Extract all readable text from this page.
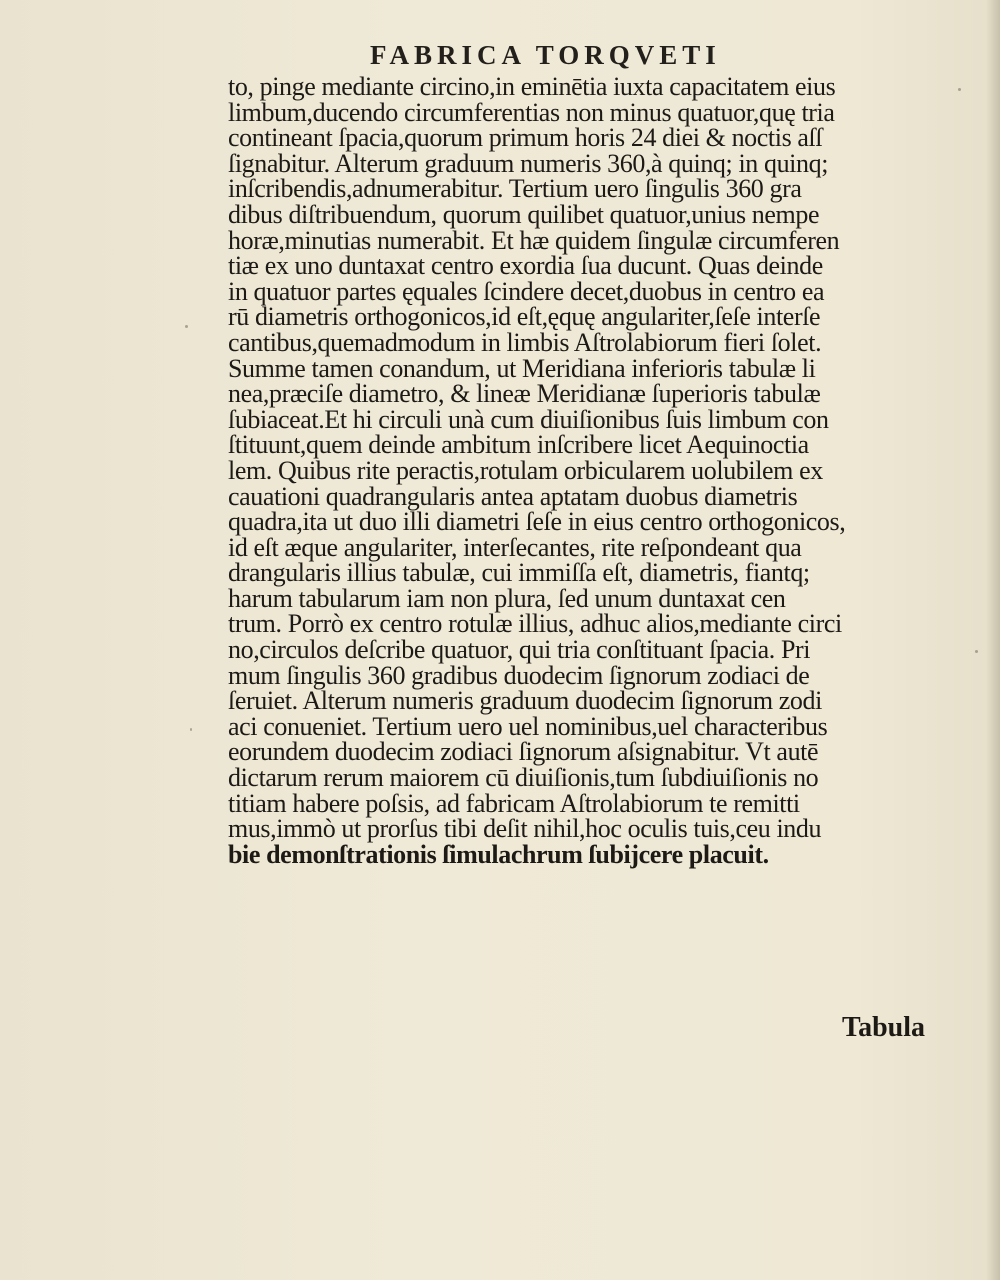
FABRICA TORQVETI
to, pinge mediante circino,in eminētia iuxta capacitatem eius
limbum,ducendo circumferentias non minus quatuor,quę tria
contineant ſpacia,quorum primum horis 24 diei & noctis aſſ
ſignabitur. Alterum graduum numeris 360,à quinq; in quinq;
inſcribendis,adnumerabitur. Tertium uero ſingulis 360 gra
dibus diſtribuendum, quorum quilibet quatuor,unius nempe
horæ,minutias numerabit. Et hæ quidem ſingulæ circumferen
tiæ ex uno duntaxat centro exordia ſua ducunt. Quas deinde
in quatuor partes ęquales ſcindere decet,duobus in centro ea
rū diametris orthogonicos,id eſt,ęquę angulariter,ſeſe interſe
cantibus,quemadmodum in limbis Aſtrolabiorum fieri ſolet.
Summe tamen conandum, ut Meridiana inferioris tabulæ li
nea,præciſe diametro, & lineæ Meridianæ ſuperioris tabulæ
ſubiaceat.Et hi circuli unà cum diuiſionibus ſuis limbum con
ſtituunt,quem deinde ambitum inſcribere licet Aequinoctia
lem. Quibus rite peractis,rotulam orbicularem uolubilem ex
cauationi quadrangularis antea aptatam duobus diametris
quadra,ita ut duo illi diametri ſeſe in eius centro orthogonicos,
id eſt æque angulariter, interſecantes, rite reſpondeant qua
drangularis illius tabulæ, cui immiſſa eſt, diametris, fiantq;
harum tabularum iam non plura, ſed unum duntaxat cen
trum. Porrò ex centro rotulæ illius, adhuc alios,mediante circi
no,circulos deſcribe quatuor, qui tria conſtituant ſpacia. Pri
mum ſingulis 360 gradibus duodecim ſignorum zodiaci de
ſeruiet. Alterum numeris graduum duodecim ſignorum zodi
aci conueniet. Tertium uero uel nominibus,uel characteribus
eorundem duodecim zodiaci ſignorum aſsignabitur. Vt autē
dictarum rerum maiorem cū diuiſionis,tum ſubdiuiſionis no
titiam habere poſsis, ad fabricam Aſtrolabiorum te remitti
mus,immò ut prorſus tibi deſit nihil,hoc oculis tuis,ceu indu
bie demonſtrationis ſimulachrum ſubijcere placuit.

Tabula
